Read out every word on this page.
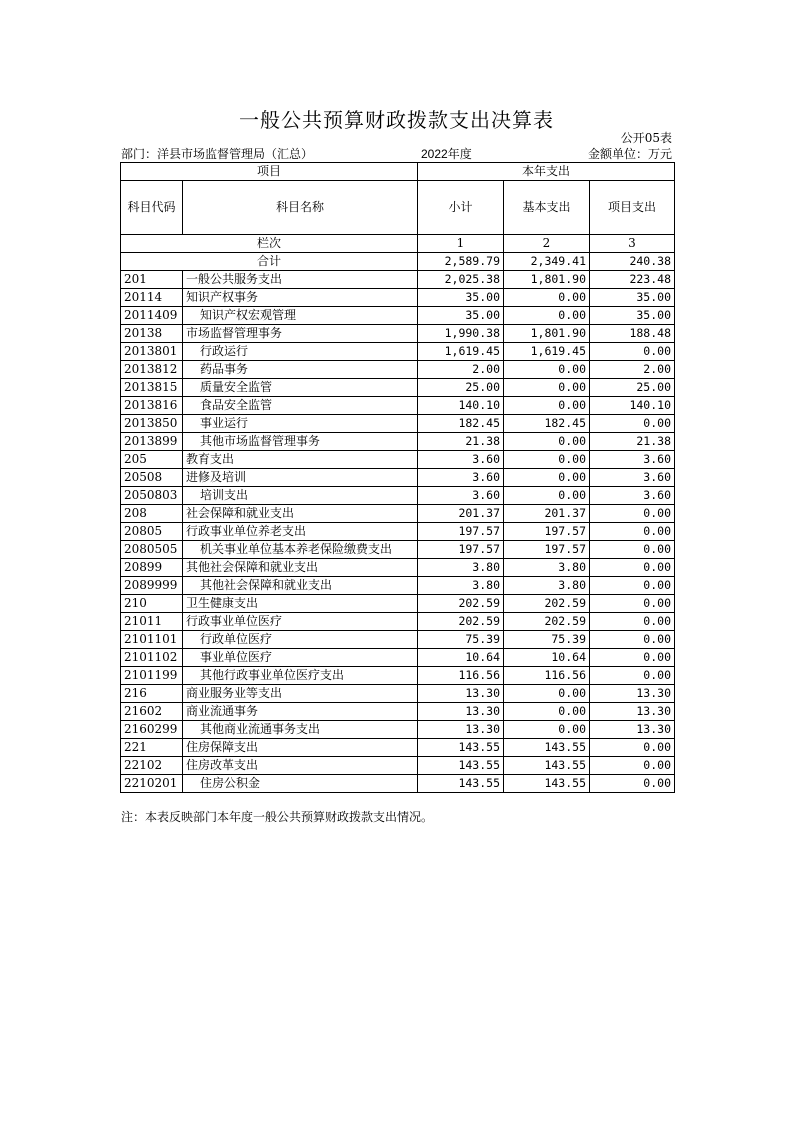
一般公共预算财政拨款支出决算表
公开05表
部门：洋县市场监督管理局（汇总）	2022年度	金额单位：万元
项目		本年支出		
科目代码	科目名称	小计	基本支出	项目支出
栏次		1	2	3
合计		2,589.79	2,349.41	240.38
201	一般公共服务支出	2,025.38	1,801.90	223.48
20114	知识产权事务	35.00	0.00	35.00
2011409	知识产权宏观管理	35.00	0.00	35.00
20138	市场监督管理事务	1,990.38	1,801.90	188.48
2013801	行政运行	1,619.45	1,619.45	0.00
2013812	药品事务	2.00	0.00	2.00
2013815	质量安全监管	25.00	0.00	25.00
2013816	食品安全监管	140.10	0.00	140.10
2013850	事业运行	182.45	182.45	0.00
2013899	其他市场监督管理事务	21.38	0.00	21.38
205	教育支出	3.60	0.00	3.60
20508	进修及培训	3.60	0.00	3.60
2050803	培训支出	3.60	0.00	3.60
208	社会保障和就业支出	201.37	201.37	0.00
20805	行政事业单位养老支出	197.57	197.57	0.00
2080505	机关事业单位基本养老保险缴费支出	197.57	197.57	0.00
20899	其他社会保障和就业支出	3.80	3.80	0.00
2089999	其他社会保障和就业支出	3.80	3.80	0.00
210	卫生健康支出	202.59	202.59	0.00
21011	行政事业单位医疗	202.59	202.59	0.00
2101101	行政单位医疗	75.39	75.39	0.00
2101102	事业单位医疗	10.64	10.64	0.00
2101199	其他行政事业单位医疗支出	116.56	116.56	0.00
216	商业服务业等支出	13.30	0.00	13.30
21602	商业流通事务	13.30	0.00	13.30
2160299	其他商业流通事务支出	13.30	0.00	13.30
221	住房保障支出	143.55	143.55	0.00
22102	住房改革支出	143.55	143.55	0.00
2210201	住房公积金	143.55	143.55	0.00
注：本表反映部门本年度一般公共预算财政拨款支出情况。
